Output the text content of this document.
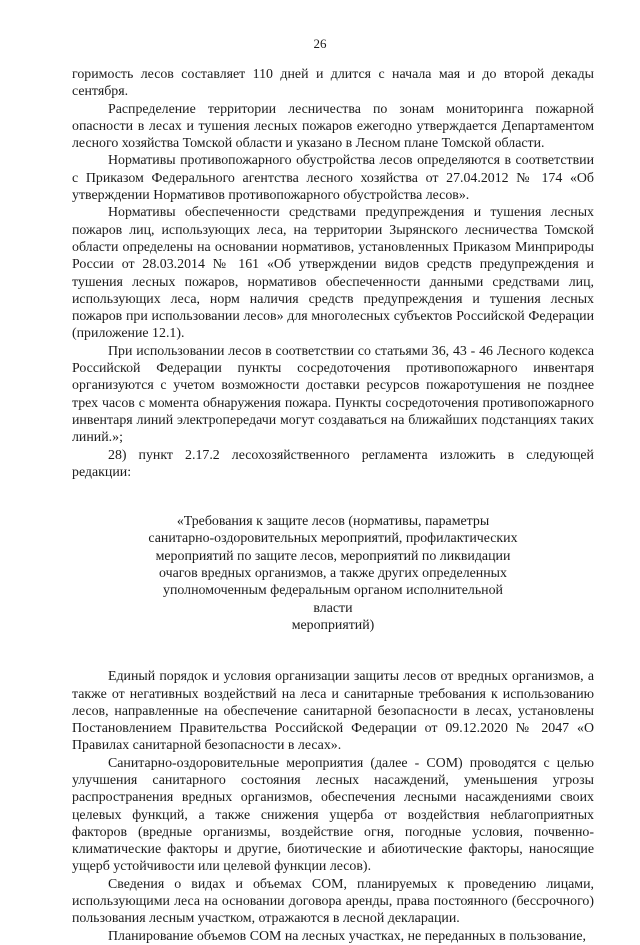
26

горимость лесов составляет 110 дней и длится с начала мая и до второй декады сентября.

Распределение территории лесничества по зонам мониторинга пожарной опасности в лесах и тушения лесных пожаров ежегодно утверждается Департаментом лесного хозяйства Томской области и указано в Лесном плане Томской области.

Нормативы противопожарного обустройства лесов определяются в соответствии с Приказом Федерального агентства лесного хозяйства от 27.04.2012 № 174 «Об утверждении Нормативов противопожарного обустройства лесов».

Нормативы обеспеченности средствами предупреждения и тушения лесных пожаров лиц, использующих леса, на территории Зырянского лесничества Томской области определены на основании нормативов, установленных Приказом Минприроды России от 28.03.2014 № 161 «Об утверждении видов средств предупреждения и тушения лесных пожаров, нормативов обеспеченности данными средствами лиц, использующих леса, норм наличия средств предупреждения и тушения лесных пожаров при использовании лесов» для многолесных субъектов Российской Федерации (приложение 12.1).

При использовании лесов в соответствии со статьями 36, 43 - 46 Лесного кодекса Российской Федерации пункты сосредоточения противопожарного инвентаря организуются с учетом возможности доставки ресурсов пожаротушения не позднее трех часов с момента обнаружения пожара. Пункты сосредоточения противопожарного инвентаря линий электропередачи могут создаваться на ближайших подстанциях таких линий.»;

28) пункт 2.17.2 лесохозяйственного регламента изложить в следующей редакции:

«Требования к защите лесов (нормативы, параметры
санитарно-оздоровительных мероприятий, профилактических
мероприятий по защите лесов, мероприятий по ликвидации
очагов вредных организмов, а также других определенных
уполномоченным федеральным органом исполнительной власти
мероприятий)

Единый порядок и условия организации защиты лесов от вредных организмов, а также от негативных воздействий на леса и санитарные требования к использованию лесов, направленные на обеспечение санитарной безопасности в лесах, установлены Постановлением Правительства Российской Федерации от 09.12.2020 № 2047 «О Правилах санитарной безопасности в лесах».

Санитарно-оздоровительные мероприятия (далее - СОМ) проводятся с целью улучшения санитарного состояния лесных насаждений, уменьшения угрозы распространения вредных организмов, обеспечения лесными насаждениями своих целевых функций, а также снижения ущерба от воздействия неблагоприятных факторов (вредные организмы, воздействие огня, погодные условия, почвенно-климатические факторы и другие, биотические и абиотические факторы, наносящие ущерб устойчивости или целевой функции лесов).

Сведения о видах и объемах СОМ, планируемых к проведению лицами, использующими леса на основании договора аренды, права постоянного (бессрочного) пользования лесным участком, отражаются в лесной декларации.

Планирование объемов СОМ на лесных участках, не переданных в пользование,
